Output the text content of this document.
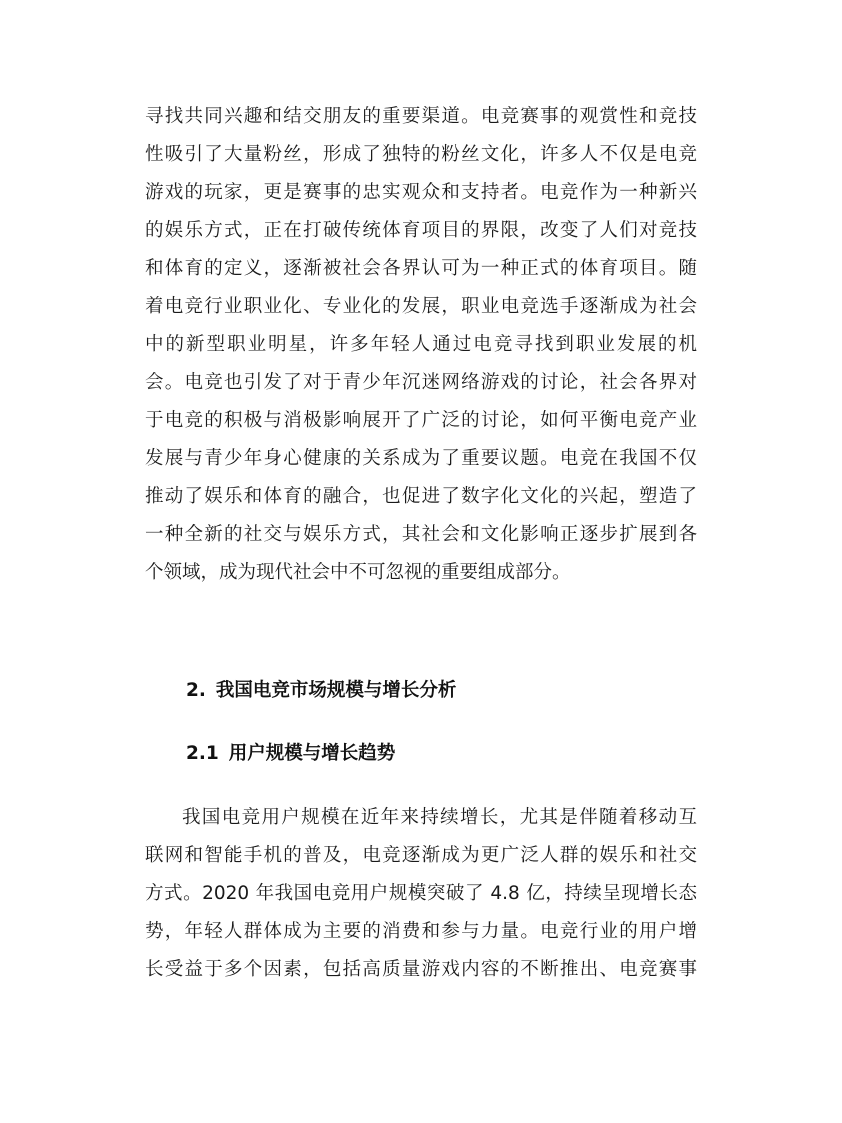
寻找共同兴趣和结交朋友的重要渠道。电竞赛事的观赏性和竞技
性吸引了大量粉丝，形成了独特的粉丝文化，许多人不仅是电竞
游戏的玩家，更是赛事的忠实观众和支持者。电竞作为一种新兴
的娱乐方式，正在打破传统体育项目的界限，改变了人们对竞技
和体育的定义，逐渐被社会各界认可为一种正式的体育项目。随
着电竞行业职业化、专业化的发展，职业电竞选手逐渐成为社会
中的新型职业明星，许多年轻人通过电竞寻找到职业发展的机
会。电竞也引发了对于青少年沉迷网络游戏的讨论，社会各界对
于电竞的积极与消极影响展开了广泛的讨论，如何平衡电竞产业
发展与青少年身心健康的关系成为了重要议题。电竞在我国不仅
推动了娱乐和体育的融合，也促进了数字化文化的兴起，塑造了
一种全新的社交与娱乐方式，其社会和文化影响正逐步扩展到各
个领域，成为现代社会中不可忽视的重要组成部分。
2. 我国电竞市场规模与增长分析
2.1 用户规模与增长趋势
我国电竞用户规模在近年来持续增长，尤其是伴随着移动互
联网和智能手机的普及，电竞逐渐成为更广泛人群的娱乐和社交
方式。2020 年我国电竞用户规模突破了 4.8 亿，持续呈现增长态
势，年轻人群体成为主要的消费和参与力量。电竞行业的用户增
长受益于多个因素，包括高质量游戏内容的不断推出、电竞赛事
